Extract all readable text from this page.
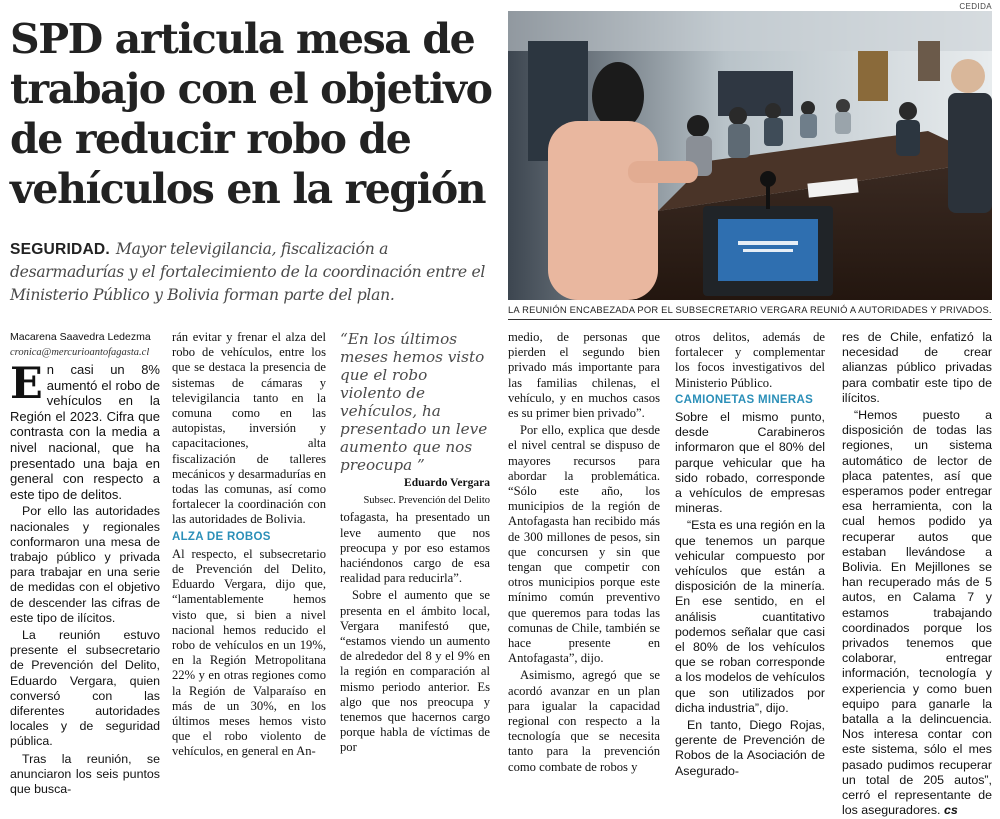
SPD articula mesa de trabajo con el objetivo de reducir robo de vehículos en la región
CEDIDA

LA REUNIÓN ENCABEZADA POR EL SUBSECRETARIO VERGARA REUNIÓ A AUTORIDADES Y PRIVADOS.

SEGURIDAD. Mayor televigilancia, fiscalización a desarmadurías y el fortalecimiento de la coordinación entre el Ministerio Público y Bolivia forman parte del plan.

Macarena Saavedra Ledezma

cronica@mercurioantofagasta.cl

En casi un 8% aumentó el robo de vehículos en la Región el 2023. Cifra que contrasta con la media a nivel nacional, que ha presentado una baja en general con respecto a este tipo de delitos.

Por ello las autoridades nacionales y regionales conformaron una mesa de trabajo público y privada para trabajar en una serie de medidas con el objetivo de descender las cifras de este tipo de ilícitos.

La reunión estuvo presente el subsecretario de Prevención del Delito, Eduardo Vergara, quien conversó con las diferentes autoridades locales y de seguridad pública.

Tras la reunión, se anunciaron los seis puntos que busca-

rán evitar y frenar el alza del robo de vehículos, entre los que se destaca la presencia de sistemas de cámaras y televigilancia tanto en la comuna como en las autopistas, inversión y capacitaciones, alta fiscalización de talleres mecánicos y desarmadurías en todas las comunas, así como fortalecer la coordinación con las autoridades de Bolivia.

ALZA DE ROBOS

Al respecto, el subsecretario de Prevención del Delito, Eduardo Vergara, dijo que, “lamentablemente hemos visto que, si bien a nivel nacional hemos reducido el robo de vehículos en un 19%, en la Región Metropolitana 22% y en otras regiones como la Región de Valparaíso en más de un 30%, en los últimos meses hemos visto que el robo violento de vehículos, en general en An-

“En los últimos meses hemos visto que el robo violento de vehículos, ha presentado un leve aumento que nos preocupa ”

Eduardo Vergara

Subsec. Prevención del Delito

tofagasta, ha presentado un leve aumento que nos preocupa y por eso estamos haciéndonos cargo de esa realidad para reducirla”.

Sobre el aumento que se presenta en el ámbito local, Vergara manifestó que, “estamos viendo un aumento de alrededor del 8 y el 9% en la región en comparación al mismo periodo anterior. Es algo que nos preocupa y tenemos que hacernos cargo porque habla de víctimas de por

medio, de personas que pierden el segundo bien privado más importante para las familias chilenas, el vehículo, y en muchos casos es su primer bien privado”.

Por ello, explica que desde el nivel central se dispuso de mayores recursos para abordar la problemática. “Sólo este año, los municipios de la región de Antofagasta han recibido más de 300 millones de pesos, sin que concursen y sin que tengan que competir con otros municipios porque este mínimo común preventivo que queremos para todas las comunas de Chile, también se hace presente en Antofagasta”, dijo.

Asimismo, agregó que se acordó avanzar en un plan para igualar la capacidad regional con respecto a la tecnología que se necesita tanto para la prevención como combate de robos y

otros delitos, además de fortalecer y complementar los focos investigativos del Ministerio Público.

CAMIONETAS MINERAS

Sobre el mismo punto, desde Carabineros informaron que el 80% del parque vehicular que ha sido robado, corresponde a vehículos de empresas mineras.

“Esta es una región en la que tenemos un parque vehicular compuesto por vehículos que están a disposición de la minería. En ese sentido, en el análisis cuantitativo podemos señalar que casi el 80% de los vehículos que se roban corresponde a los modelos de vehículos que son utilizados por dicha industria”, dijo.

En tanto, Diego Rojas, gerente de Prevención de Robos de la Asociación de Asegurado-

res de Chile, enfatizó la necesidad de crear alianzas público privadas para combatir este tipo de ilícitos.

“Hemos puesto a disposición de todas las regiones, un sistema automático de lector de placa patentes, así que esperamos poder entregar esa herramienta, con la cual hemos podido ya recuperar autos que estaban llevándose a Bolivia. En Mejillones se han recuperado más de 5 autos, en Calama 7 y estamos trabajando coordinados porque los privados tenemos que colaborar, entregar información, tecnología y experiencia y como buen equipo para ganarle la batalla a la delincuencia. Nos interesa contar con este sistema, sólo el mes pasado pudimos recuperar un total de 205 autos”, cerró el representante de los aseguradores. cs
